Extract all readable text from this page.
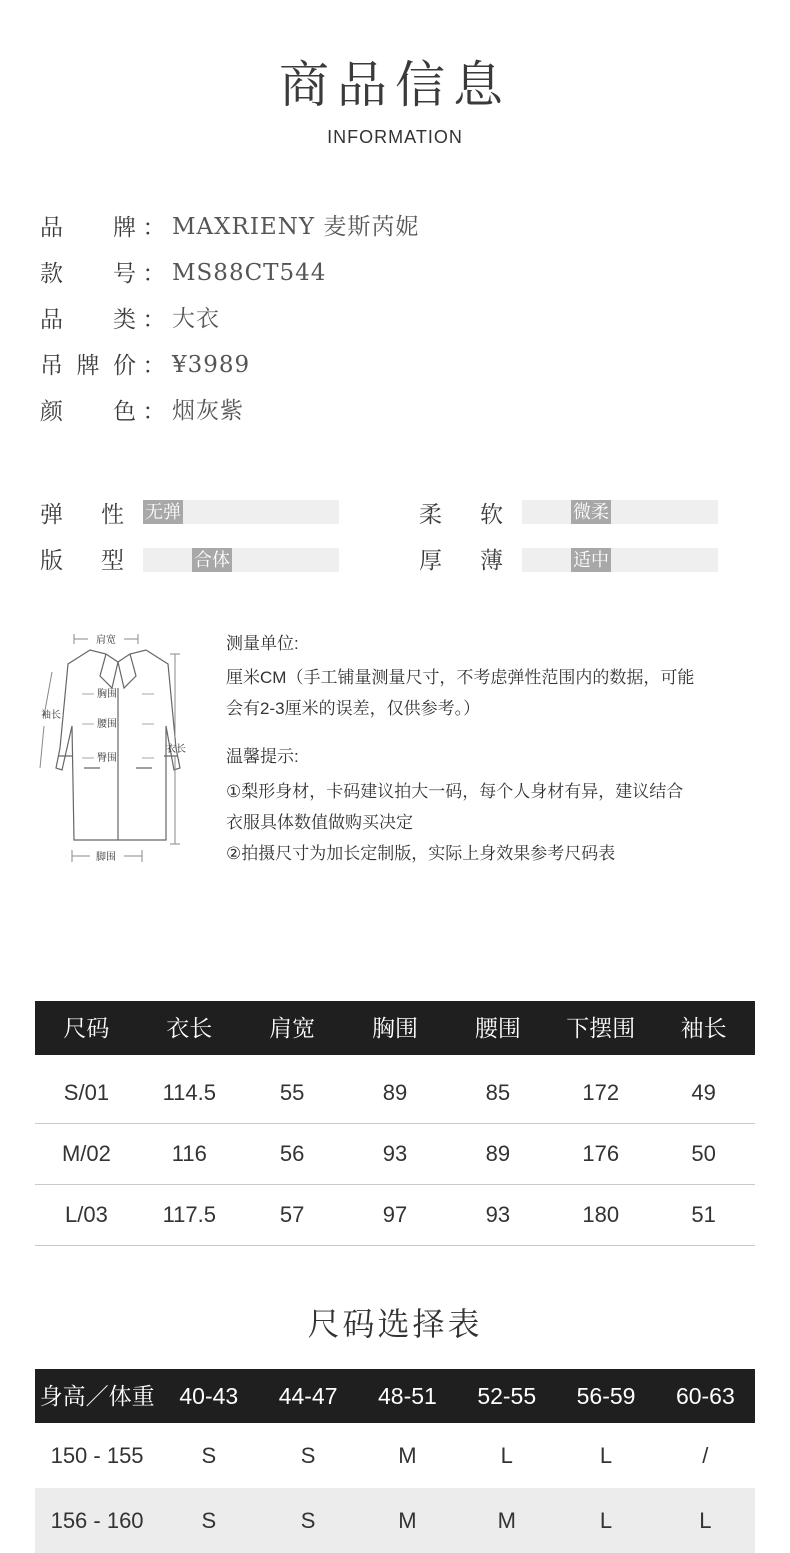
商品信息
INFORMATION
品牌 ： MAXRIENY 麦斯芮妮
款号 ： MS88CT544
品类 ： 大衣
吊牌价 ： ¥3989
颜色 ： 烟灰紫
弹性 无弹	柔软	微柔
版型	合体	厚薄	适中
肩宽
胸围
腰围
臀围
袖长
衣长
脚围
测量单位:
厘米CM（手工铺量测量尺寸，不考虑弹性范围内的数据，可能
会有2-3厘米的误差，仅供参考。）
温馨提示:
①梨形身材，卡码建议拍大一码，每个人身材有异，建议结合
衣服具体数值做购买决定
②拍摄尺寸为加长定制版，实际上身效果参考尺码表
尺码	衣长	肩宽	胸围	腰围	下摆围	袖长
S/01	114.5	55	89	85	172	49
M/02	116	56	93	89	176	50
L/03	117.5	57	97	93	180	51
尺码选择表
身高／体重	40-43	44-47	48-51	52-55	56-59	60-63
150 - 155	S	S	M	L	L	/
156 - 160	S	S	M	M	L	L
